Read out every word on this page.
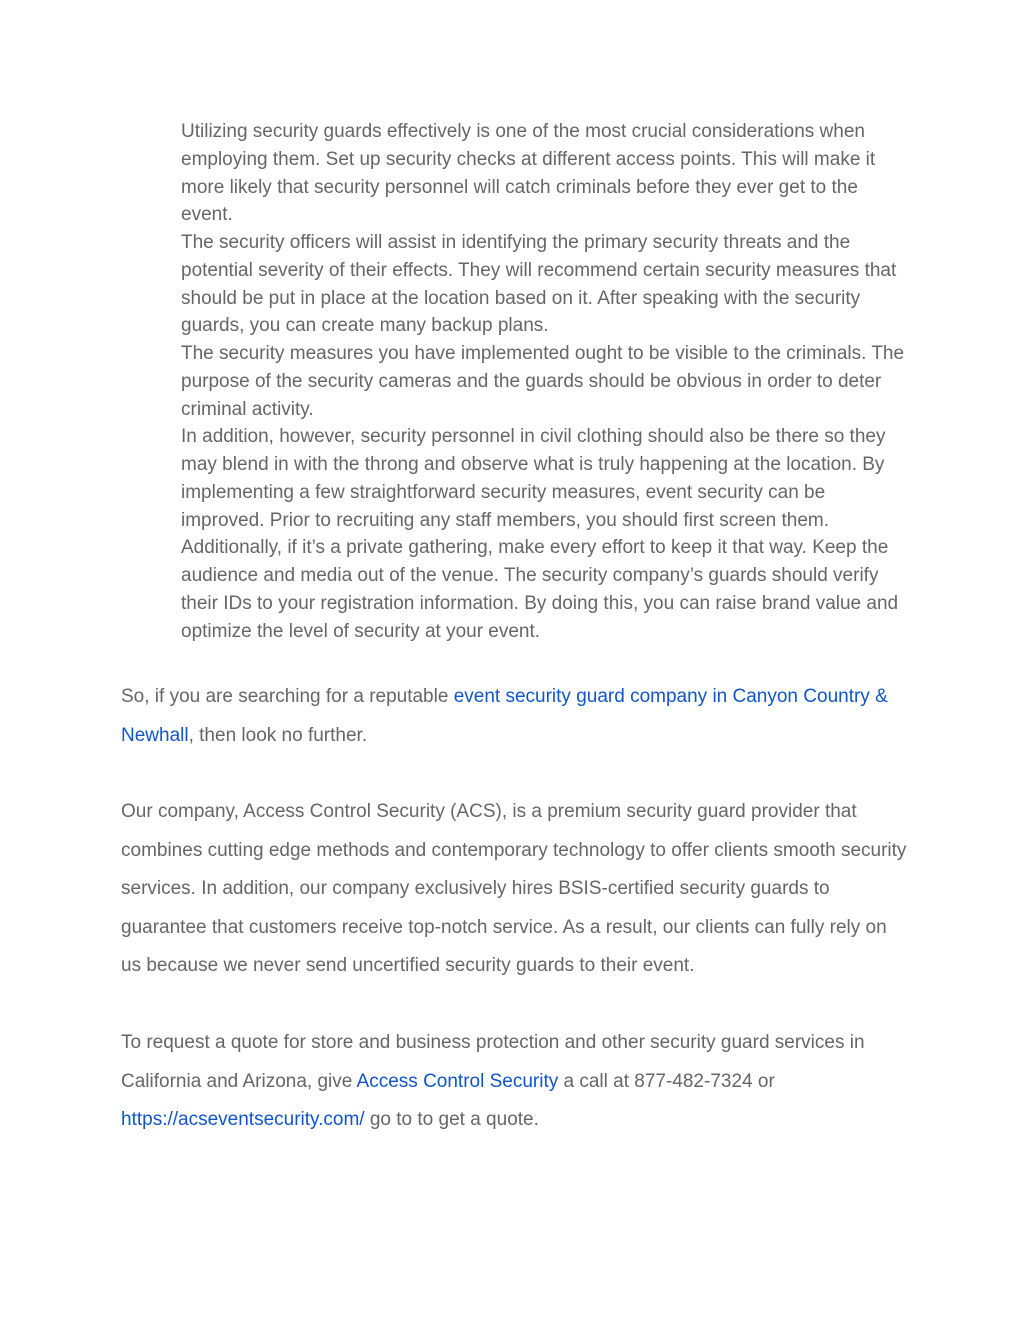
Utilizing security guards effectively is one of the most crucial considerations when employing them. Set up security checks at different access points. This will make it more likely that security personnel will catch criminals before they ever get to the event.

The security officers will assist in identifying the primary security threats and the potential severity of their effects. They will recommend certain security measures that should be put in place at the location based on it. After speaking with the security guards, you can create many backup plans.

The security measures you have implemented ought to be visible to the criminals. The purpose of the security cameras and the guards should be obvious in order to deter criminal activity.

In addition, however, security personnel in civil clothing should also be there so they may blend in with the throng and observe what is truly happening at the location. By implementing a few straightforward security measures, event security can be improved. Prior to recruiting any staff members, you should first screen them. Additionally, if it’s a private gathering, make every effort to keep it that way. Keep the audience and media out of the venue. The security company’s guards should verify their IDs to your registration information. By doing this, you can raise brand value and optimize the level of security at your event.

So, if you are searching for a reputable event security guard company in Canyon Country & Newhall, then look no further.

Our company, Access Control Security (ACS), is a premium security guard provider that combines cutting edge methods and contemporary technology to offer clients smooth security services. In addition, our company exclusively hires BSIS-certified security guards to guarantee that customers receive top-notch service. As a result, our clients can fully rely on us because we never send uncertified security guards to their event.

To request a quote for store and business protection and other security guard services in California and Arizona, give Access Control Security a call at 877-482-7324 or https://acseventsecurity.com/ go to to get a quote.
